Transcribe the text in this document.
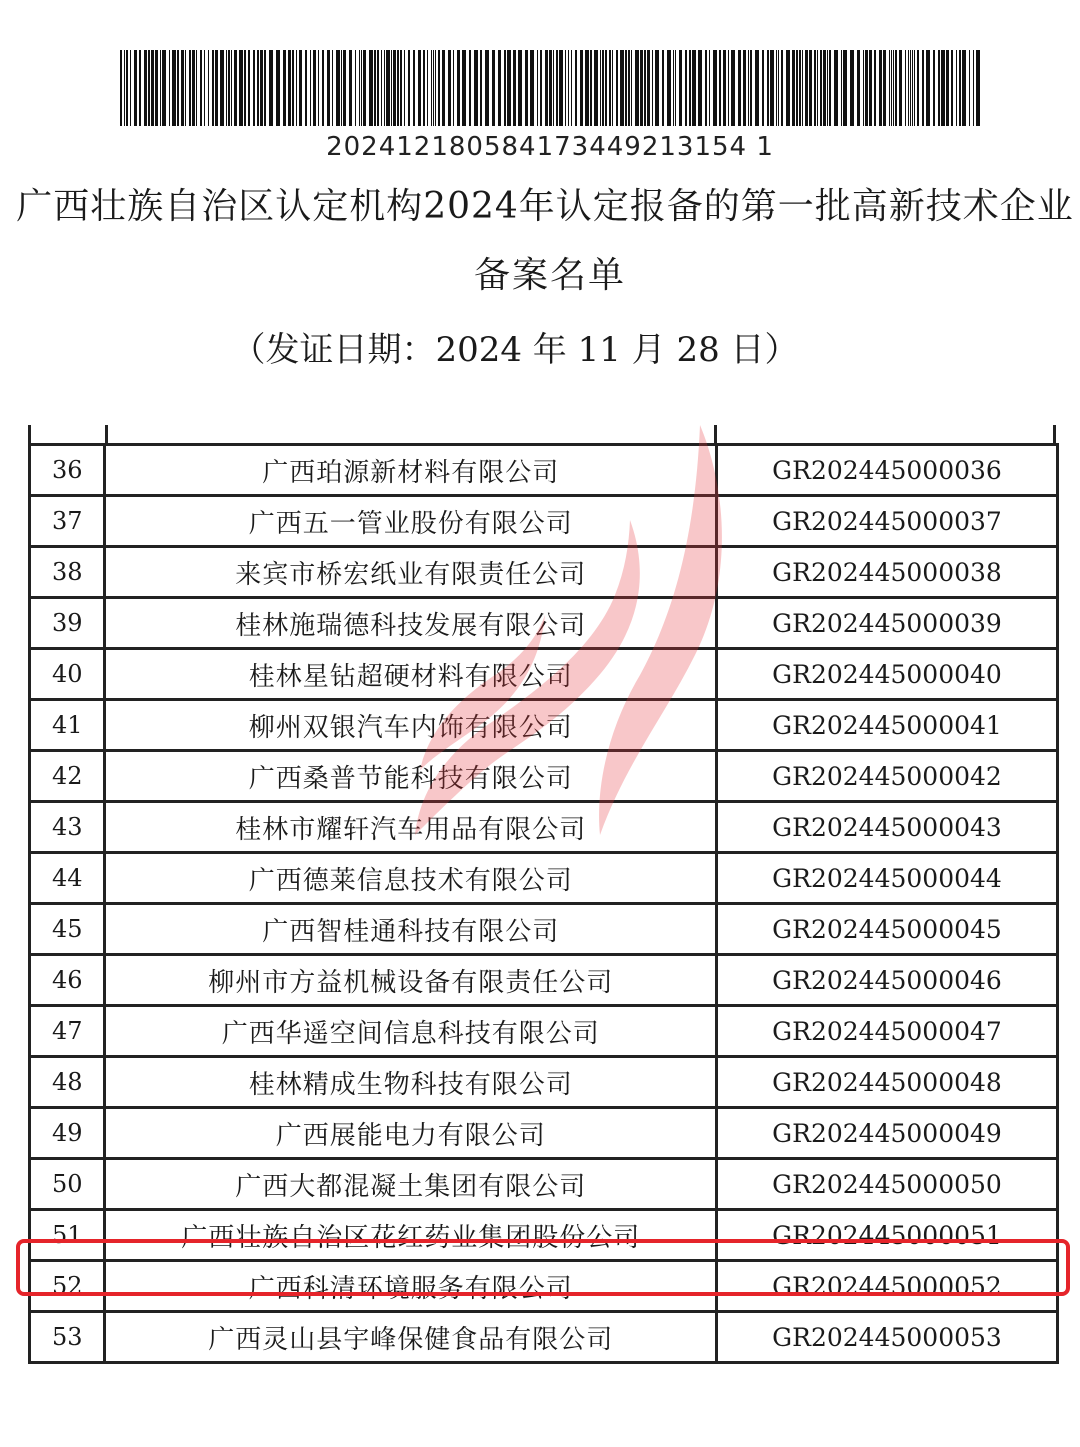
202412180584173449213154 1
广西壮族自治区认定机构2024年认定报备的第一批高新技术企业
备案名单
（发证日期：2024 年 11 月 28 日）
36	广西珀源新材料有限公司	GR202445000036
37	广西五一管业股份有限公司	GR202445000037
38	来宾市桥宏纸业有限责任公司	GR202445000038
39	桂林施瑞德科技发展有限公司	GR202445000039
40	桂林星钻超硬材料有限公司	GR202445000040
41	柳州双银汽车内饰有限公司	GR202445000041
42	广西桑普节能科技有限公司	GR202445000042
43	桂林市耀轩汽车用品有限公司	GR202445000043
44	广西德莱信息技术有限公司	GR202445000044
45	广西智桂通科技有限公司	GR202445000045
46	柳州市方益机械设备有限责任公司	GR202445000046
47	广西华遥空间信息科技有限公司	GR202445000047
48	桂林精成生物科技有限公司	GR202445000048
49	广西展能电力有限公司	GR202445000049
50	广西大都混凝土集团有限公司	GR202445000050
51	广西壮族自治区花红药业集团股份公司	GR202445000051
52	广西科清环境服务有限公司	GR202445000052
53	广西灵山县宇峰保健食品有限公司	GR202445000053
